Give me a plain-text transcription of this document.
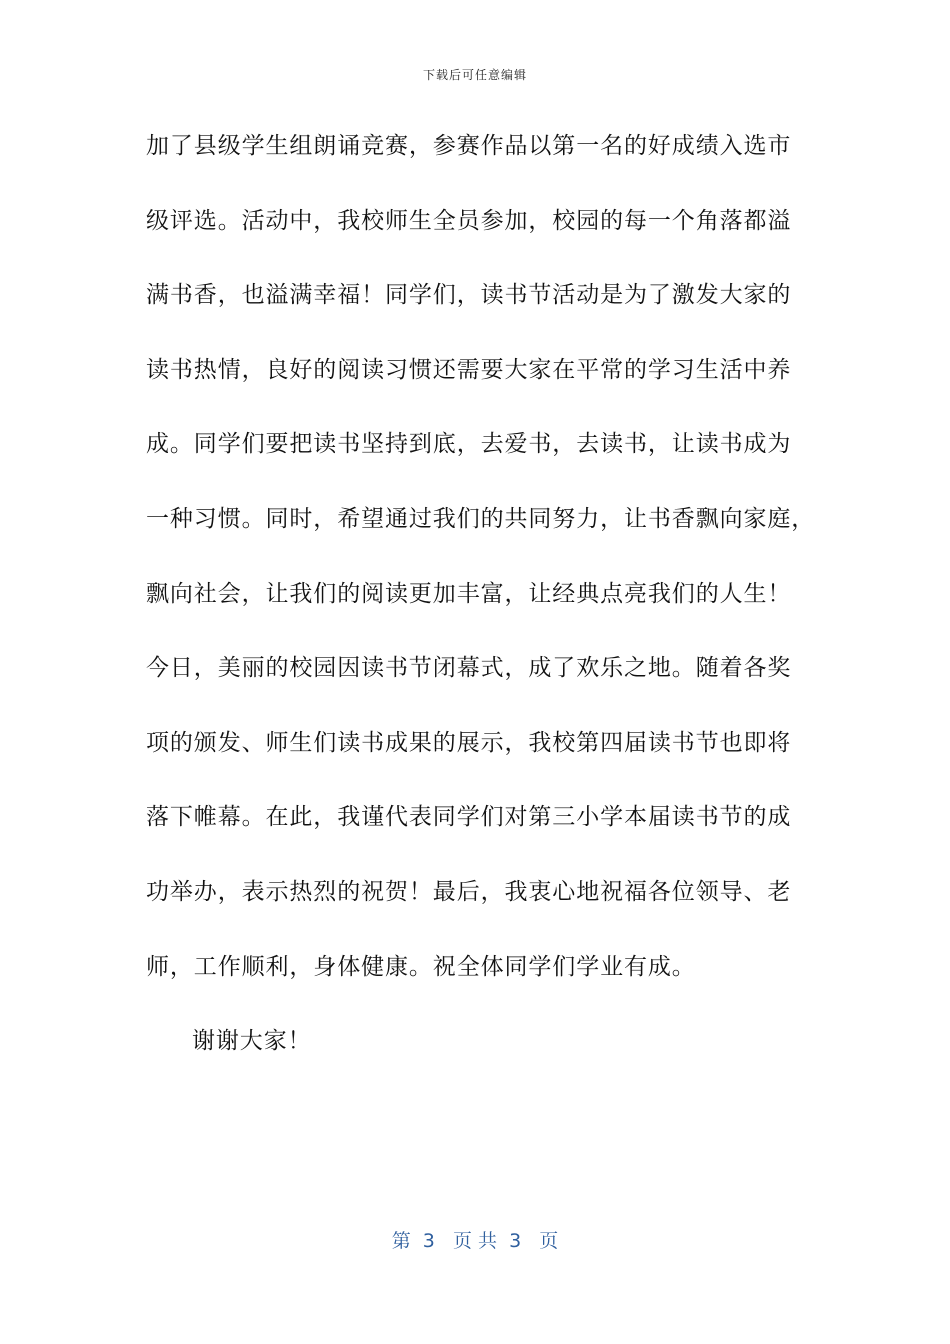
下载后可任意编辑
加了县级学生组朗诵竞赛，参赛作品以第一名的好成绩入选市
级评选。活动中，我校师生全员参加，校园的每一个角落都溢
满书香，也溢满幸福！同学们，读书节活动是为了激发大家的
读书热情，良好的阅读习惯还需要大家在平常的学习生活中养
成。同学们要把读书坚持到底，去爱书，去读书，让读书成为
一种习惯。同时，希望通过我们的共同努力，让书香飘向家庭，
飘向社会，让我们的阅读更加丰富，让经典点亮我们的人生！
今日，美丽的校园因读书节闭幕式，成了欢乐之地。随着各奖
项的颁发、师生们读书成果的展示，我校第四届读书节也即将
落下帷幕。在此，我谨代表同学们对第三小学本届读书节的成
功举办，表示热烈的祝贺！最后，我衷心地祝福各位领导、老
师，工作顺利，身体健康。祝全体同学们学业有成。
谢谢大家！
第  3   页 共  3   页
